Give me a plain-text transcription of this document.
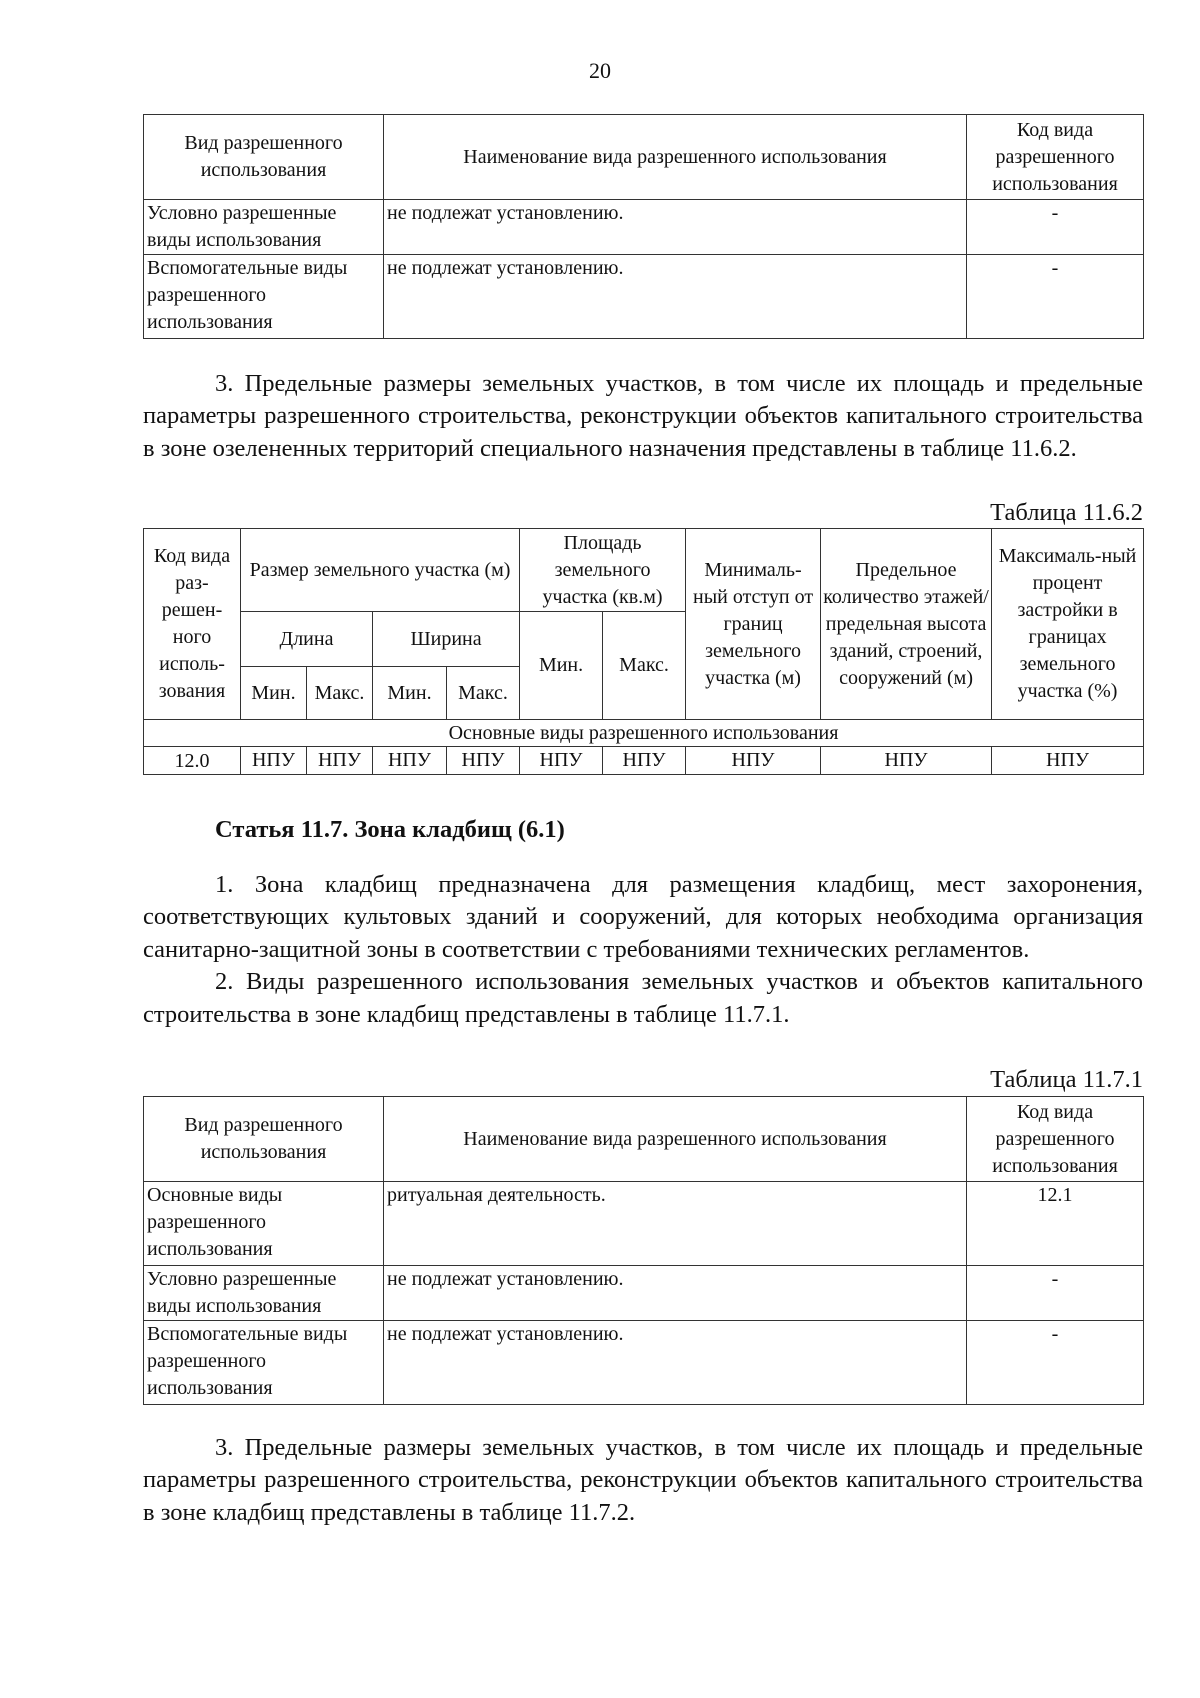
20
Вид разрешенного использования	Наименование вида разрешенного использования	Код вида разрешенного использования
Условно разрешенные виды использования	не подлежат установлению.	-
Вспомогательные виды разрешенного использования	не подлежат установлению.	-

3. Предельные размеры земельных участков, в том числе их площадь и предельные параметры разрешенного строительства, реконструкции объектов капитального строительства в зоне озелененных территорий специального назначения представлены в таблице 11.6.2.

Таблица 11.6.2
Код вида раз-решен-ного исполь-зования	Размер земельного участка (м)				Площадь земельного участка (кв.м)		Минималь-ный отступ от границ земельного участка (м)	Предельное количество этажей/ предельная высота зданий, строений, сооружений (м)	Максималь-ный процент застройки в границах земельного участка (%)
	Длина		Ширина		Мин.	Макс.			
	Мин.	Макс.	Мин.	Макс.					
Основные виды разрешенного использования									
12.0	НПУ	НПУ	НПУ	НПУ	НПУ	НПУ	НПУ	НПУ	НПУ
Статья 11.7. Зона кладбищ (6.1)

1. Зона кладбищ предназначена для размещения кладбищ, мест захоронения, соответствующих культовых зданий и сооружений, для которых необходима организация санитарно-защитной зоны в соответствии с требованиями технических регламентов.

2. Виды разрешенного использования земельных участков и объектов капитального строительства в зоне кладбищ представлены в таблице 11.7.1.

Таблица 11.7.1
Вид разрешенного использования	Наименование вида разрешенного использования	Код вида разрешенного использования
Основные виды разрешенного использования	ритуальная деятельность.	12.1
Условно разрешенные виды использования	не подлежат установлению.	-
Вспомогательные виды разрешенного использования	не подлежат установлению.	-

3. Предельные размеры земельных участков, в том числе их площадь и предельные параметры разрешенного строительства, реконструкции объектов капитального строительства в зоне кладбищ представлены в таблице 11.7.2.
